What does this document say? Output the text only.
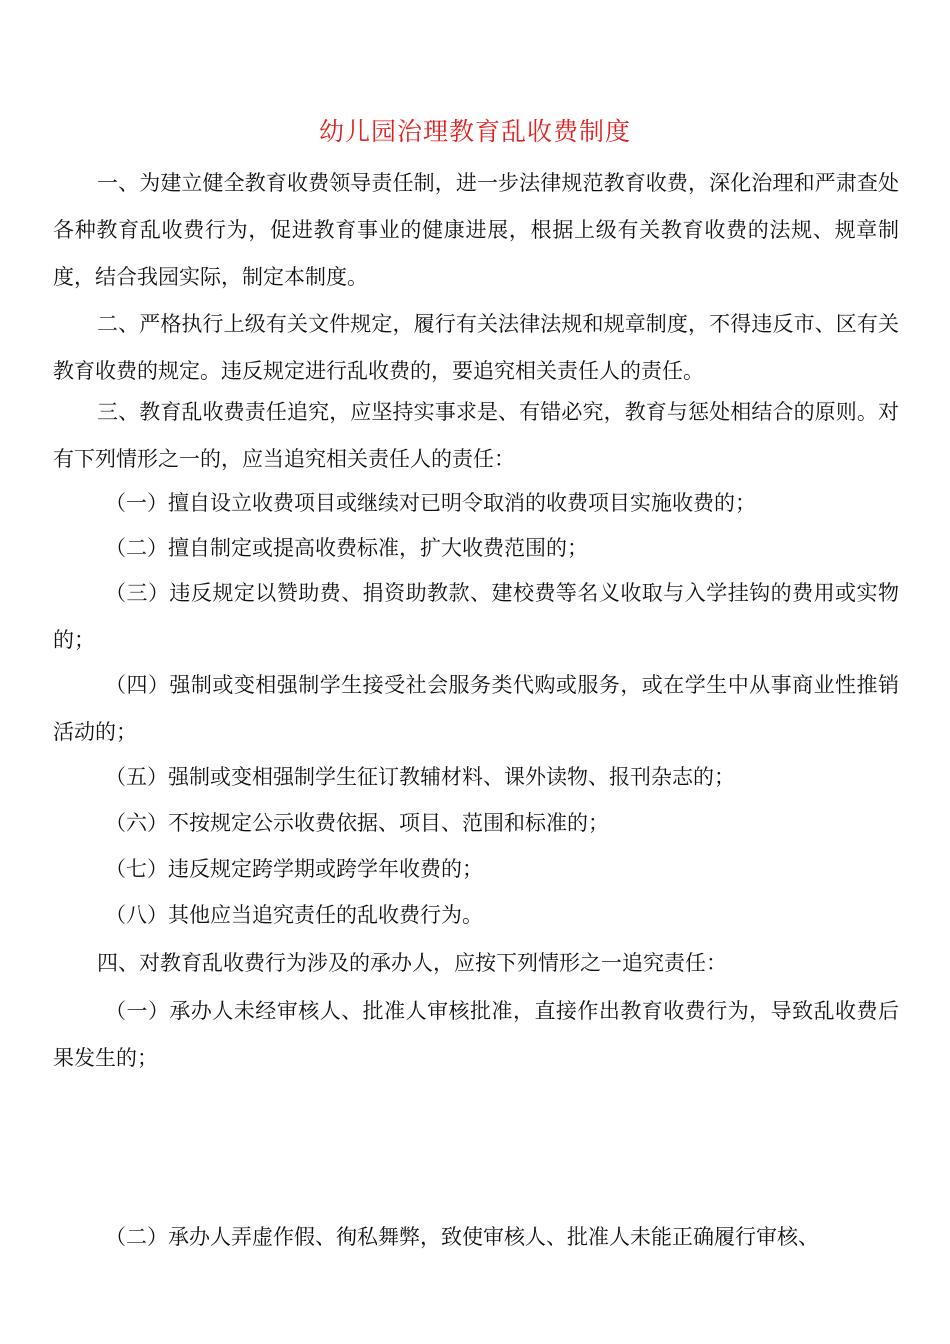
幼儿园治理教育乱收费制度

一、为建立健全教育收费领导责任制，进一步法律规范教育收费，深化治理和严肃查处各种教育乱收费行为，促进教育事业的健康进展，根据上级有关教育收费的法规、规章制度，结合我园实际，制定本制度。

二、严格执行上级有关文件规定，履行有关法律法规和规章制度，不得违反市、区有关教育收费的规定。违反规定进行乱收费的，要追究相关责任人的责任。

三、教育乱收费责任追究，应坚持实事求是、有错必究，教育与惩处相结合的原则。对有下列情形之一的，应当追究相关责任人的责任：

（一）擅自设立收费项目或继续对已明令取消的收费项目实施收费的；

（二）擅自制定或提高收费标准，扩大收费范围的；

（三）违反规定以赞助费、捐资助教款、建校费等名义收取与入学挂钩的费用或实物的；

（四）强制或变相强制学生接受社会服务类代购或服务，或在学生中从事商业性推销活动的；

（五）强制或变相强制学生征订教辅材料、课外读物、报刊杂志的；

（六）不按规定公示收费依据、项目、范围和标准的；

（七）违反规定跨学期或跨学年收费的；

（八）其他应当追究责任的乱收费行为。

四、对教育乱收费行为涉及的承办人，应按下列情形之一追究责任：

（一）承办人未经审核人、批准人审核批准，直接作出教育收费行为，导致乱收费后果发生的；

（二）承办人弄虚作假、徇私舞弊，致使审核人、批准人未能正确履行审核、
